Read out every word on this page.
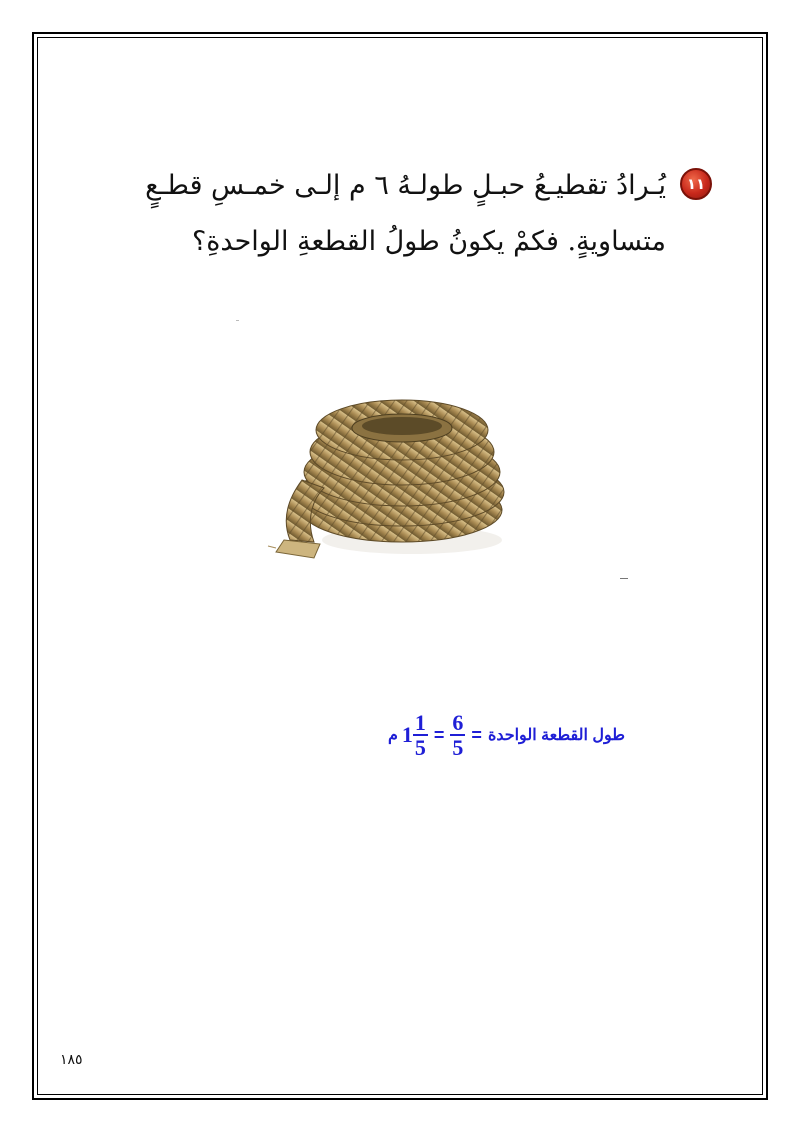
١١
يُـرادُ تقطيـعُ حبـلٍ طولـهُ ٦ م إلـى خمـسِ قطـعٍ
متساويةٍ. فكمْ يكونُ طولُ القطعةِ الواحدةِ؟
طول القطعة الواحدة
=
$\frac{6}{5}$
=
$1 \frac{1}{5}$
م
١٨٥
